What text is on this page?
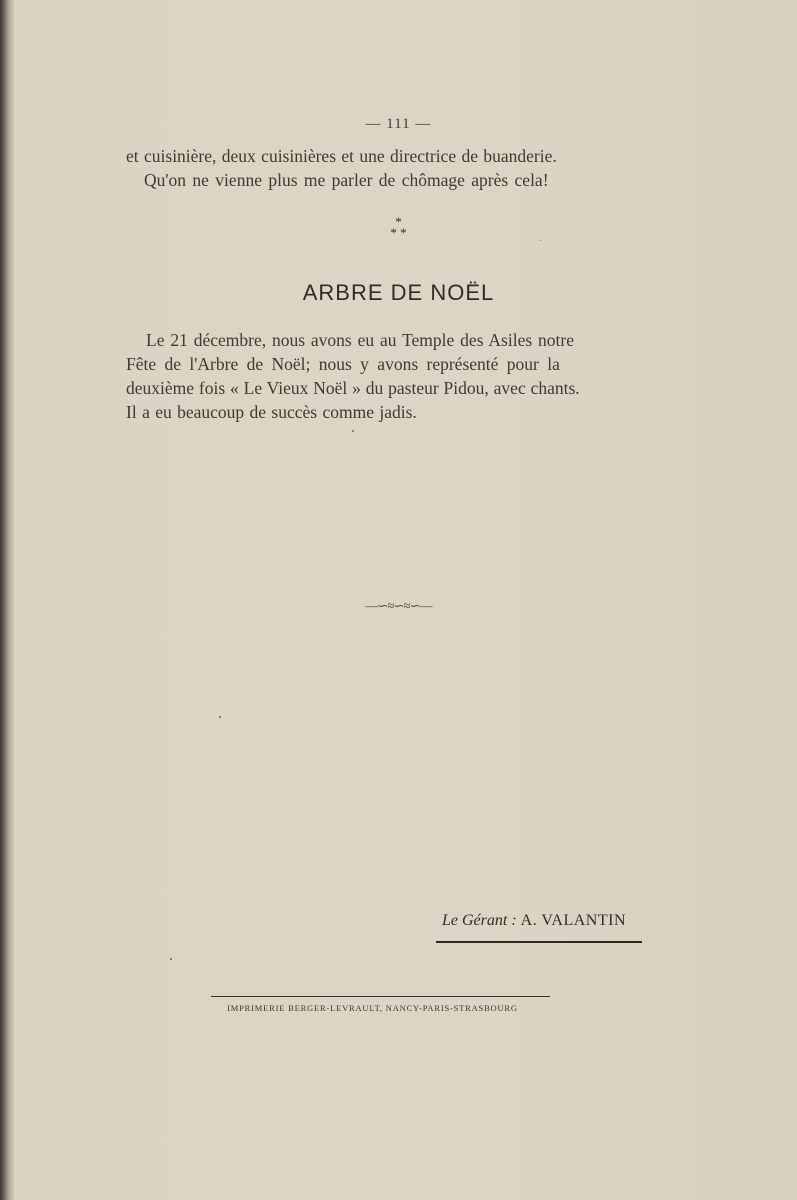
— 111 —
et cuisinière, deux cuisinières et une directrice de buanderie.
Qu'on ne vienne plus me parler de chômage après cela!
*
* *
ARBRE DE NOËL
Le 21 décembre, nous avons eu au Temple des Asiles notre
Fête de l'Arbre de Noël; nous y avons représenté pour la
deuxième fois « Le Vieux Noël » du pasteur Pidou, avec chants.
Il a eu beaucoup de succès comme jadis.
—∽≈∽≈∽—
Le Gérant : A. VALANTIN
IMPRIMERIE BERGER-LEVRAULT, NANCY-PARIS-STRASBOURG
